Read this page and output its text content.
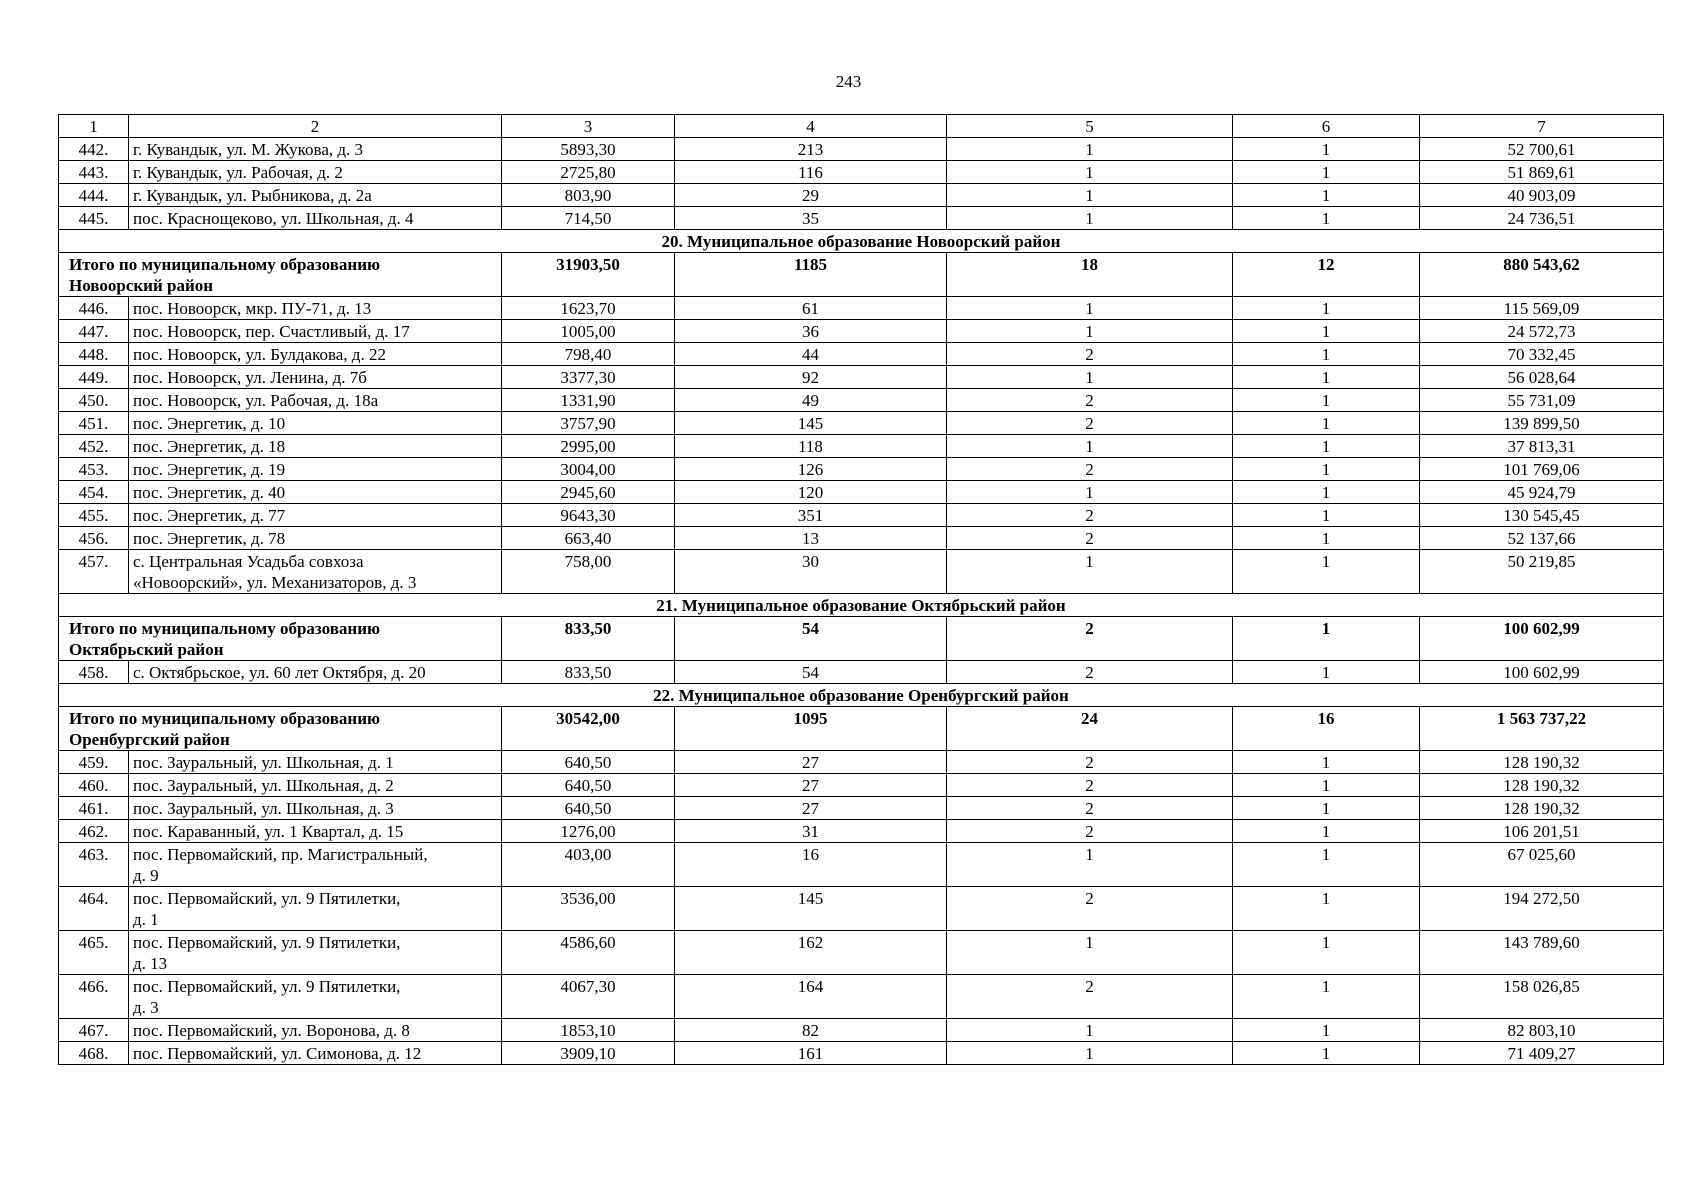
243
1	2	3	4	5	6	7
442.	г. Кувандык, ул. М. Жукова, д. 3	5893,30	213	1	1	52 700,61
443.	г. Кувандык, ул. Рабочая, д. 2	2725,80	116	1	1	51 869,61
444.	г. Кувандык, ул. Рыбникова, д. 2а	803,90	29	1	1	40 903,09
445.	пос. Краснощеково, ул. Школьная, д. 4	714,50	35	1	1	24 736,51
20. Муниципальное образование Новоорский район						

Итого по муниципальному образованию
Новоорский район		31903,50	1185	18	12	880 543,62
446.	пос. Новоорск, мкр. ПУ-71, д. 13	1623,70	61	1	1	115 569,09
447.	пос. Новоорск, пер. Счастливый, д. 17	1005,00	36	1	1	24 572,73
448.	пос. Новоорск, ул. Булдакова, д. 22	798,40	44	2	1	70 332,45
449.	пос. Новоорск, ул. Ленина, д. 7б	3377,30	92	1	1	56 028,64
450.	пос. Новоорск, ул. Рабочая, д. 18а	1331,90	49	2	1	55 731,09
451.	пос. Энергетик, д. 10	3757,90	145	2	1	139 899,50
452.	пос. Энергетик, д. 18	2995,00	118	1	1	37 813,31
453.	пос. Энергетик, д. 19	3004,00	126	2	1	101 769,06
454.	пос. Энергетик, д. 40	2945,60	120	1	1	45 924,79
455.	пос. Энергетик, д. 77	9643,30	351	2	1	130 545,45
456.	пос. Энергетик, д. 78	663,40	13	2	1	52 137,66
457.	с. Центральная Усадьба совхоза
«Новоорский», ул. Механизаторов, д. 3	758,00	30	1	1	50 219,85
21. Муниципальное образование Октябрьский район						

Итого по муниципальному образованию
Октябрьский район		833,50	54	2	1	100 602,99
458.	с. Октябрьское, ул. 60 лет Октября, д. 20	833,50	54	2	1	100 602,99
22. Муниципальное образование Оренбургский район						

Итого по муниципальному образованию
Оренбургский район		30542,00	1095	24	16	1 563 737,22
459.	пос. Зауральный, ул. Школьная, д. 1	640,50	27	2	1	128 190,32
460.	пос. Зауральный, ул. Школьная, д. 2	640,50	27	2	1	128 190,32
461.	пос. Зауральный, ул. Школьная, д. 3	640,50	27	2	1	128 190,32
462.	пос. Караванный, ул. 1 Квартал, д. 15	1276,00	31	2	1	106 201,51
463.	пос. Первомайский, пр. Магистральный,
д. 9	403,00	16	1	1	67 025,60
464.	пос. Первомайский, ул. 9 Пятилетки,
д. 1	3536,00	145	2	1	194 272,50
465.	пос. Первомайский, ул. 9 Пятилетки,
д. 13	4586,60	162	1	1	143 789,60
466.	пос. Первомайский, ул. 9 Пятилетки,
д. 3	4067,30	164	2	1	158 026,85
467.	пос. Первомайский, ул. Воронова, д. 8	1853,10	82	1	1	82 803,10
468.	пос. Первомайский, ул. Симонова, д. 12	3909,10	161	1	1	71 409,27
